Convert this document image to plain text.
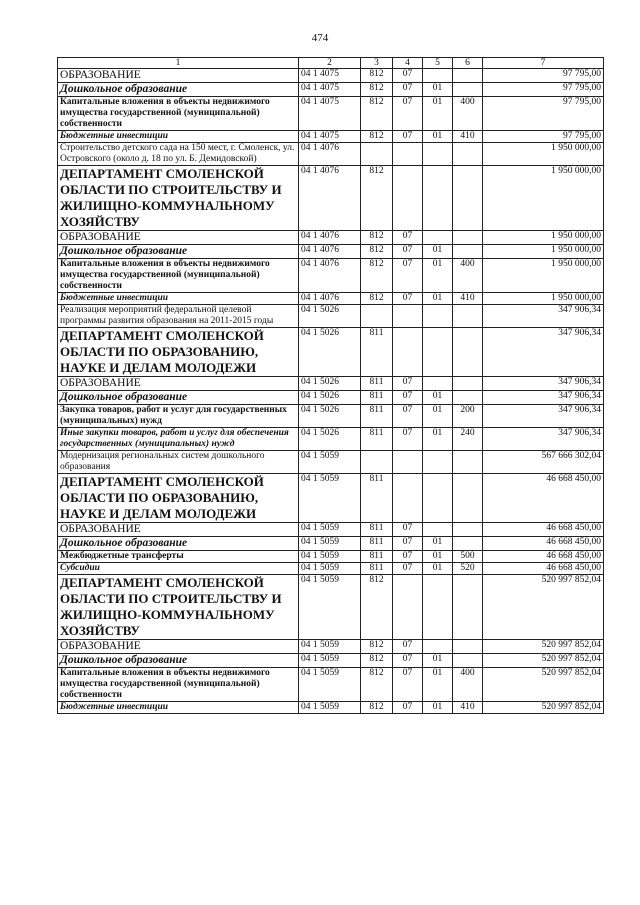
474
1	2	3	4	5	6	7
ОБРАЗОВАНИЕ	04 1 4075	812	07			97 795,00
Дошкольное образование	04 1 4075	812	07	01		97 795,00
Капитальные вложения в объекты недвижимого имущества государственной (муниципальной) собственности	04 1 4075	812	07	01	400	97 795,00
Бюджетные инвестиции	04 1 4075	812	07	01	410	97 795,00
Строительство детского сада на 150 мест, г. Смоленск, ул. Островского (около д. 18 по ул. Б. Демидовской)	04 1 4076					1 950 000,00
ДЕПАРТАМЕНТ СМОЛЕНСКОЙ ОБЛАСТИ ПО СТРОИТЕЛЬСТВУ И ЖИЛИЩНО-КОММУНАЛЬНОМУ ХОЗЯЙСТВУ	04 1 4076	812				1 950 000,00
ОБРАЗОВАНИЕ	04 1 4076	812	07			1 950 000,00
Дошкольное образование	04 1 4076	812	07	01		1 950 000,00
Капитальные вложения в объекты недвижимого имущества государственной (муниципальной) собственности	04 1 4076	812	07	01	400	1 950 000,00
Бюджетные инвестиции	04 1 4076	812	07	01	410	1 950 000,00
Реализация мероприятий федеральной целевой программы развития образования на 2011-2015 годы	04 1 5026					347 906,34
ДЕПАРТАМЕНТ СМОЛЕНСКОЙ ОБЛАСТИ ПО ОБРАЗОВАНИЮ, НАУКЕ И ДЕЛАМ МОЛОДЕЖИ	04 1 5026	811				347 906,34
ОБРАЗОВАНИЕ	04 1 5026	811	07			347 906,34
Дошкольное образование	04 1 5026	811	07	01		347 906,34
Закупка товаров, работ и услуг для государственных (муниципальных) нужд	04 1 5026	811	07	01	200	347 906,34
Иные закупки товаров, работ и услуг для обеспечения государственных (муниципальных) нужд	04 1 5026	811	07	01	240	347 906,34
Модернизация региональных систем дошкольного образования	04 1 5059					567 666 302,04
ДЕПАРТАМЕНТ СМОЛЕНСКОЙ ОБЛАСТИ ПО ОБРАЗОВАНИЮ, НАУКЕ И ДЕЛАМ МОЛОДЕЖИ	04 1 5059	811				46 668 450,00
ОБРАЗОВАНИЕ	04 1 5059	811	07			46 668 450,00
Дошкольное образование	04 1 5059	811	07	01		46 668 450,00
Межбюджетные трансферты	04 1 5059	811	07	01	500	46 668 450,00
Субсидии	04 1 5059	811	07	01	520	46 668 450,00
ДЕПАРТАМЕНТ СМОЛЕНСКОЙ ОБЛАСТИ ПО СТРОИТЕЛЬСТВУ И ЖИЛИЩНО-КОММУНАЛЬНОМУ ХОЗЯЙСТВУ	04 1 5059	812				520 997 852,04
ОБРАЗОВАНИЕ	04 1 5059	812	07			520 997 852,04
Дошкольное образование	04 1 5059	812	07	01		520 997 852,04
Капитальные вложения в объекты недвижимого имущества государственной (муниципальной) собственности	04 1 5059	812	07	01	400	520 997 852,04
Бюджетные инвестиции	04 1 5059	812	07	01	410	520 997 852,04
